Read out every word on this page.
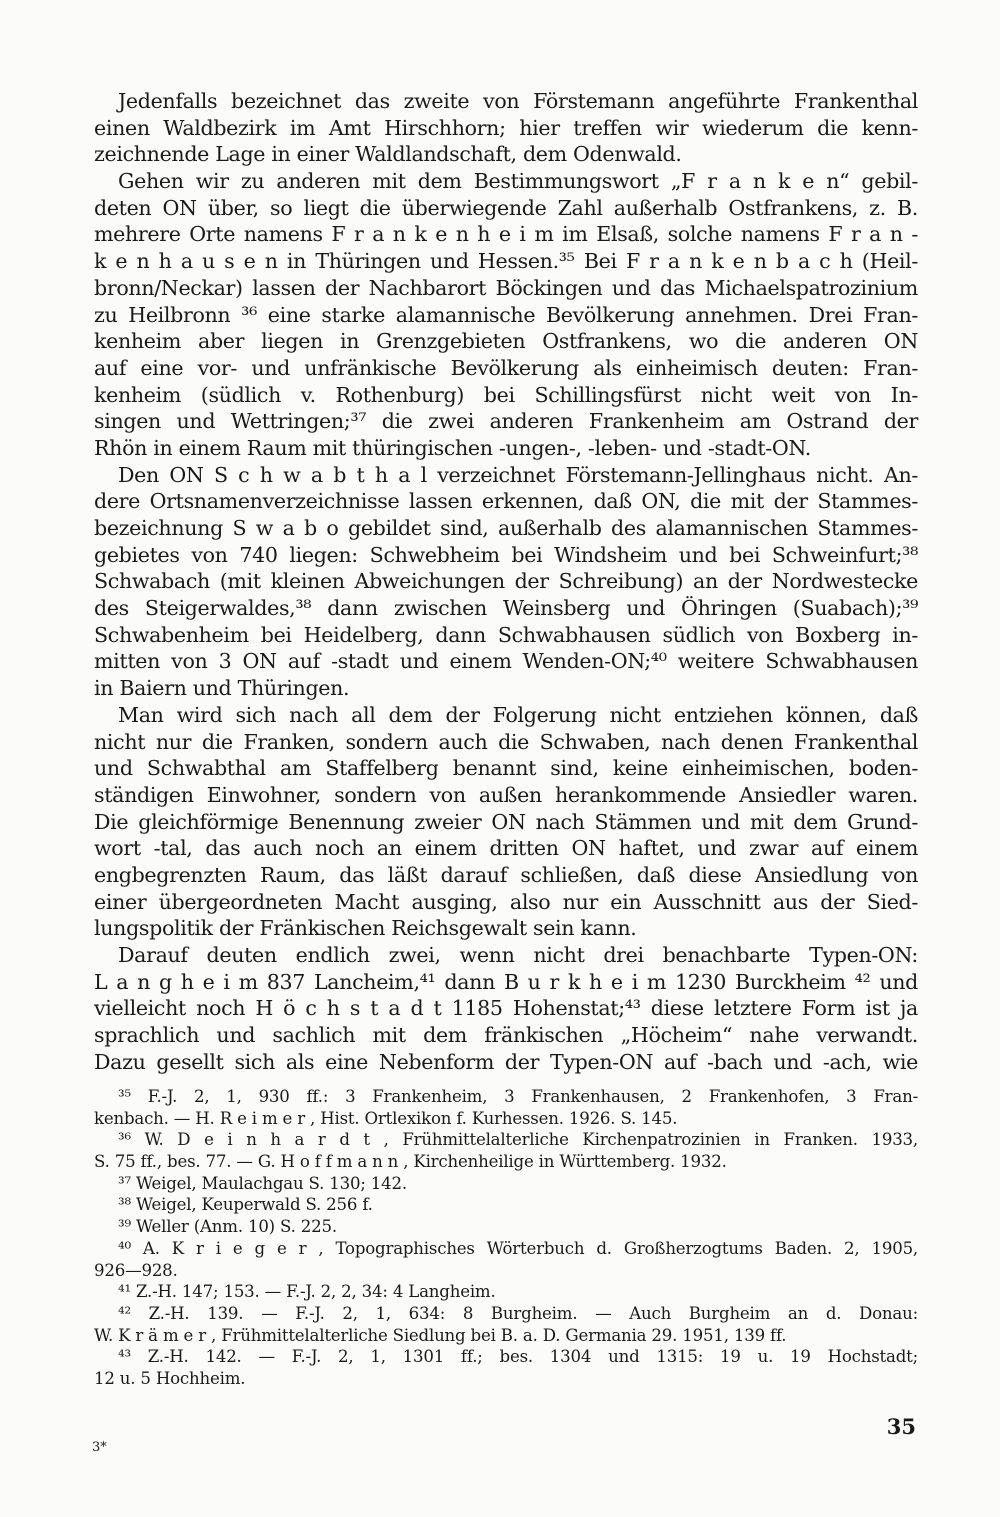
Jedenfalls bezeichnet das zweite von Förstemann angeführte Frankenthal
einen Waldbezirk im Amt Hirschhorn; hier treffen wir wiederum die kenn-
zeichnende Lage in einer Waldlandschaft, dem Odenwald.
Gehen wir zu anderen mit dem Bestimmungswort „F r a n k e n“ gebil-
deten ON über, so liegt die überwiegende Zahl außerhalb Ostfrankens, z. B.
mehrere Orte namens F r a n k e n h e i m im Elsaß, solche namens F r a n -
k e n h a u s e n in Thüringen und Hessen.³⁵ Bei F r a n k e n b a c h (Heil-
bronn/Neckar) lassen der Nachbarort Böckingen und das Michaelspatrozinium
zu Heilbronn ³⁶ eine starke alamannische Bevölkerung annehmen. Drei Fran-
kenheim aber liegen in Grenzgebieten Ostfrankens, wo die anderen ON
auf eine vor- und unfränkische Bevölkerung als einheimisch deuten: Fran-
kenheim (südlich v. Rothenburg) bei Schillingsfürst nicht weit von In-
singen und Wettringen;³⁷ die zwei anderen Frankenheim am Ostrand der
Rhön in einem Raum mit thüringischen -ungen-, -leben- und -stadt-ON.
Den ON S c h w a b t h a l verzeichnet Förstemann-Jellinghaus nicht. An-
dere Ortsnamenverzeichnisse lassen erkennen, daß ON, die mit der Stammes-
bezeichnung S w a b o gebildet sind, außerhalb des alamannischen Stammes-
gebietes von 740 liegen: Schwebheim bei Windsheim und bei Schweinfurt;³⁸
Schwabach (mit kleinen Abweichungen der Schreibung) an der Nordwestecke
des Steigerwaldes,³⁸ dann zwischen Weinsberg und Öhringen (Suabach);³⁹
Schwabenheim bei Heidelberg, dann Schwabhausen südlich von Boxberg in-
mitten von 3 ON auf -stadt und einem Wenden-ON;⁴⁰ weitere Schwabhausen
in Baiern und Thüringen.
Man wird sich nach all dem der Folgerung nicht entziehen können, daß
nicht nur die Franken, sondern auch die Schwaben, nach denen Frankenthal
und Schwabthal am Staffelberg benannt sind, keine einheimischen, boden-
ständigen Einwohner, sondern von außen herankommende Ansiedler waren.
Die gleichförmige Benennung zweier ON nach Stämmen und mit dem Grund-
wort -tal, das auch noch an einem dritten ON haftet, und zwar auf einem
engbegrenzten Raum, das läßt darauf schließen, daß diese Ansiedlung von
einer übergeordneten Macht ausging, also nur ein Ausschnitt aus der Sied-
lungspolitik der Fränkischen Reichsgewalt sein kann.
Darauf deuten endlich zwei, wenn nicht drei benachbarte Typen-ON:
L a n g h e i m 837 Lancheim,⁴¹ dann B u r k h e i m 1230 Burckheim ⁴² und
vielleicht noch H ö c h s t a d t 1185 Hohenstat;⁴³ diese letztere Form ist ja
sprachlich und sachlich mit dem fränkischen „Höcheim“ nahe verwandt.
Dazu gesellt sich als eine Nebenform der Typen-ON auf -bach und -ach, wie
³⁵ F.-J. 2, 1, 930 ff.: 3 Frankenheim, 3 Frankenhausen, 2 Frankenhofen, 3 Fran-
kenbach. — H. R e i m e r , Hist. Ortlexikon f. Kurhessen. 1926. S. 145.
³⁶ W. D e i n h a r d t , Frühmittelalterliche Kirchenpatrozinien in Franken. 1933,
S. 75 ff., bes. 77. — G. H o f f m a n n , Kirchenheilige in Württemberg. 1932.
³⁷ Weigel, Maulachgau S. 130; 142.
³⁸ Weigel, Keuperwald S. 256 f.
³⁹ Weller (Anm. 10) S. 225.
⁴⁰ A. K r i e g e r , Topographisches Wörterbuch d. Großherzogtums Baden. 2, 1905,
926—928.
⁴¹ Z.-H. 147; 153. — F.-J. 2, 2, 34: 4 Langheim.
⁴² Z.-H. 139. — F.-J. 2, 1, 634: 8 Burgheim. — Auch Burgheim an d. Donau:
W. K r ä m e r , Frühmittelalterliche Siedlung bei B. a. D. Germania 29. 1951, 139 ff.
⁴³ Z.-H. 142. — F.-J. 2, 1, 1301 ff.; bes. 1304 und 1315: 19 u. 19 Hochstadt;
12 u. 5 Hochheim.
35
3*
